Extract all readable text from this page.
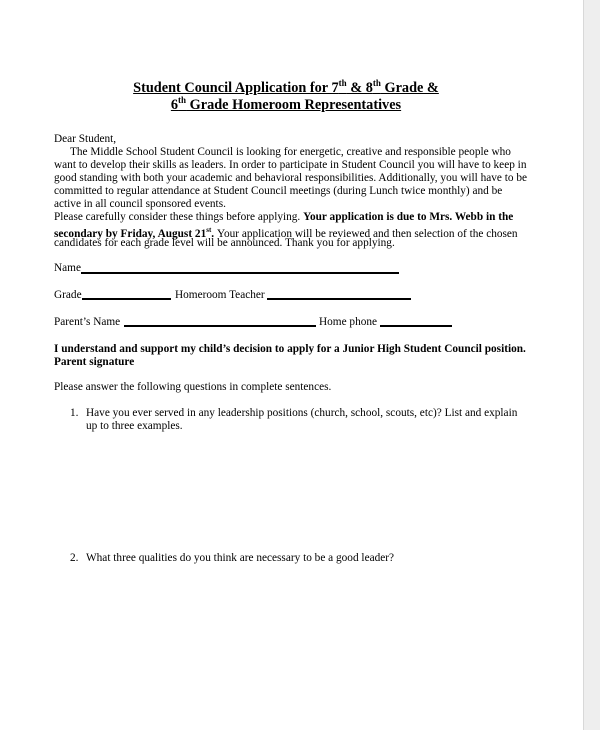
Student Council Application for 7th & 8th Grade &
6th Grade Homeroom Representatives
Dear Student,
The Middle School Student Council is looking for energetic, creative and responsible people who
want to develop their skills as leaders. In order to participate in Student Council you will have to keep in
good standing with both your academic and behavioral responsibilities. Additionally, you will have to be
committed to regular attendance at Student Council meetings (during Lunch twice monthly) and be
active in all council sponsored events.
Please carefully consider these things before applying. Your application is due to Mrs. Webb in the
secondary by Friday, August 21st. Your application will be reviewed and then selection of the chosen
candidates for each grade level will be announced. Thank you for applying.
Name
Grade	Homeroom Teacher
Parent’s Name	Home phone
I understand and support my child’s decision to apply for a Junior High Student Council position.
Parent signature
Please answer the following questions in complete sentences.
1. Have you ever served in any leadership positions (church, school, scouts, etc)? List and explain
up to three examples.
2. What three qualities do you think are necessary to be a good leader?
